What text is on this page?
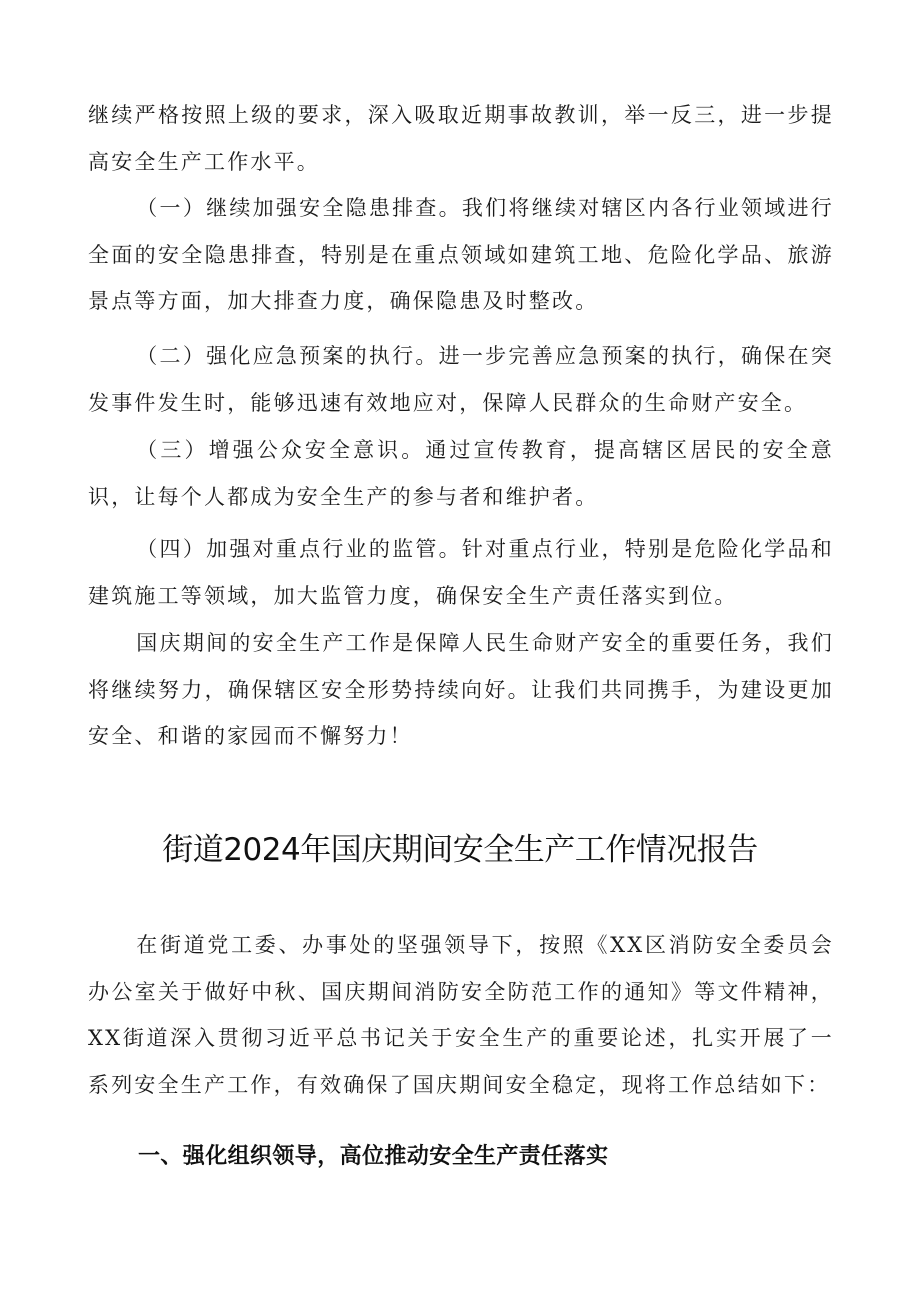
继续严格按照上级的要求，深入吸取近期事故教训，举一反三，进一步提高安全生产工作水平。

（一）继续加强安全隐患排查。我们将继续对辖区内各行业领域进行全面的安全隐患排查，特别是在重点领域如建筑工地、危险化学品、旅游景点等方面，加大排查力度，确保隐患及时整改。

（二）强化应急预案的执行。进一步完善应急预案的执行，确保在突发事件发生时，能够迅速有效地应对，保障人民群众的生命财产安全。

（三）增强公众安全意识。通过宣传教育，提高辖区居民的安全意识，让每个人都成为安全生产的参与者和维护者。

（四）加强对重点行业的监管。针对重点行业，特别是危险化学品和建筑施工等领域，加大监管力度，确保安全生产责任落实到位。

国庆期间的安全生产工作是保障人民生命财产安全的重要任务，我们将继续努力，确保辖区安全形势持续向好。让我们共同携手，为建设更加安全、和谐的家园而不懈努力！

街道2024年国庆期间安全生产工作情况报告

在街道党工委、办事处的坚强领导下，按照《XX区消防安全委员会办公室关于做好中秋、国庆期间消防安全防范工作的通知》等文件精神，XX街道深入贯彻习近平总书记关于安全生产的重要论述，扎实开展了一系列安全生产工作，有效确保了国庆期间安全稳定，现将工作总结如下：

一、强化组织领导，高位推动安全生产责任落实
